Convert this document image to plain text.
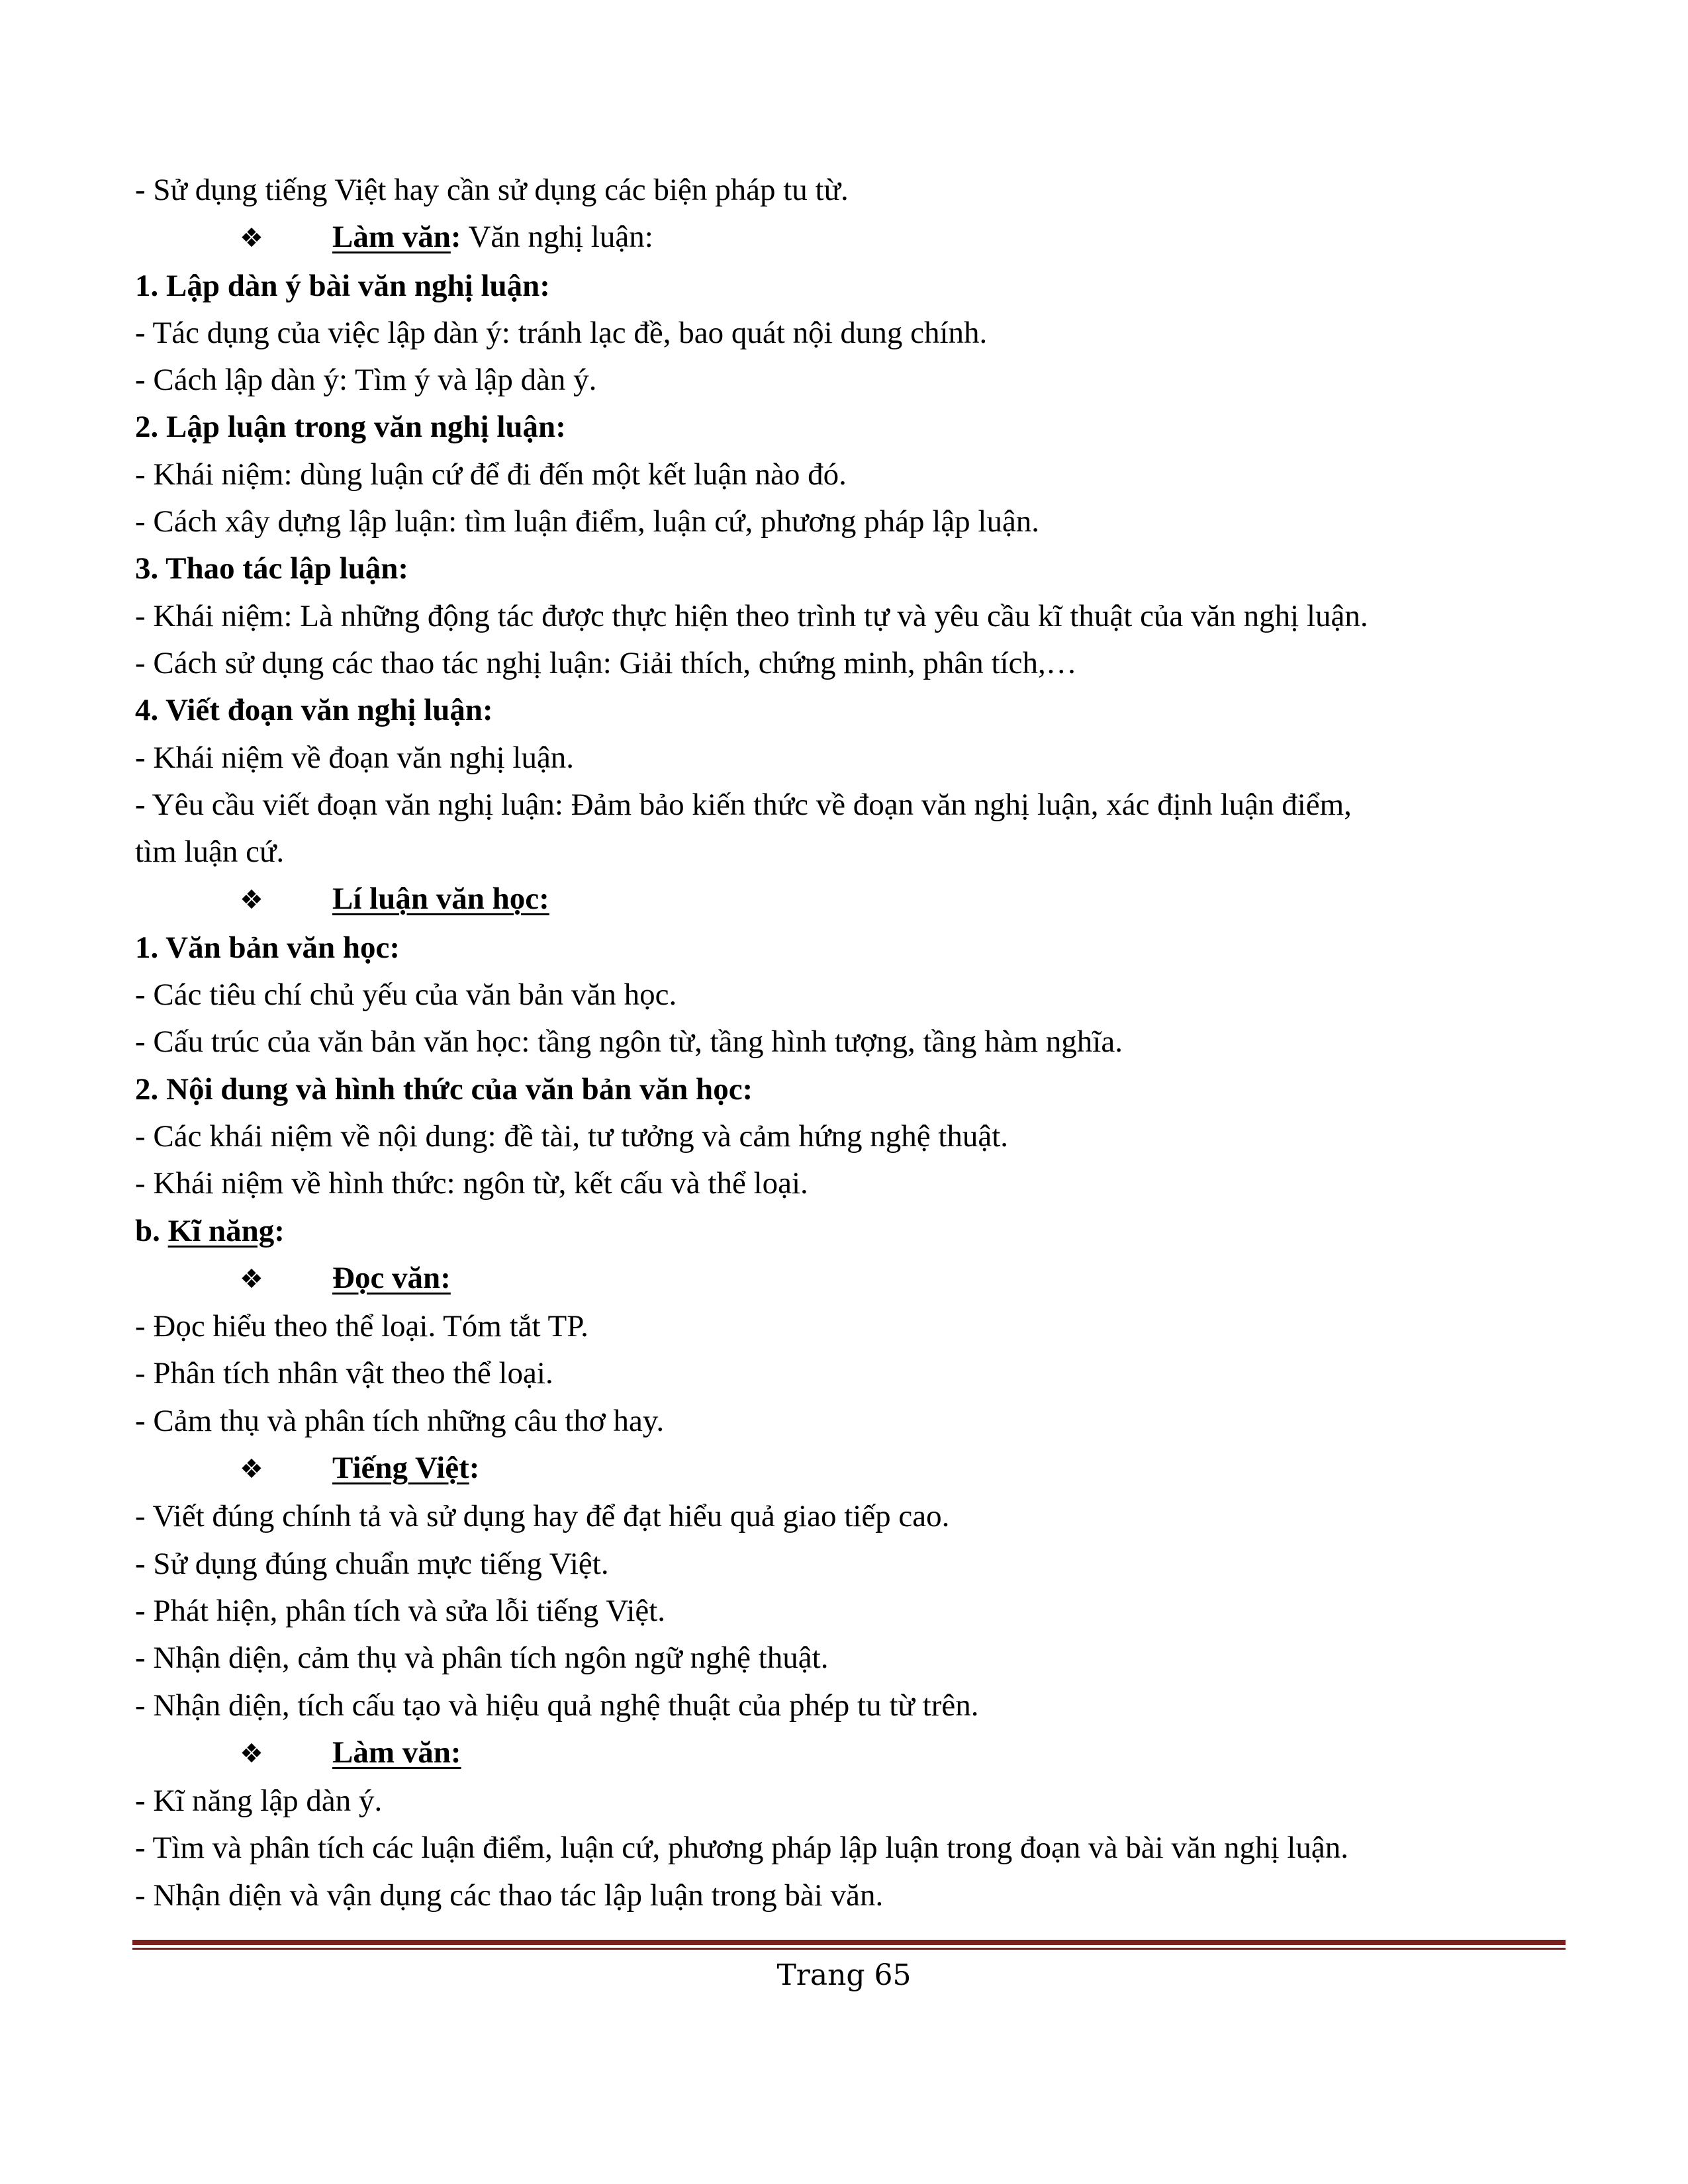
- Sử dụng tiếng Việt hay cần sử dụng các biện pháp tu từ.
❖ Làm văn: Văn nghị luận:
1. Lập dàn ý bài văn nghị luận:
- Tác dụng của việc lập dàn ý: tránh lạc đề, bao quát nội dung chính.
- Cách lập dàn ý: Tìm ý và lập dàn ý.
2. Lập luận trong văn nghị luận:
- Khái niệm: dùng luận cứ để đi đến một kết luận nào đó.
- Cách xây dựng lập luận: tìm luận điểm, luận cứ, phương pháp lập luận.
3. Thao tác lập luận:
- Khái niệm: Là những động tác được thực hiện theo trình tự và yêu cầu kĩ thuật của văn nghị luận.
- Cách sử dụng các thao tác nghị luận: Giải thích, chứng minh, phân tích,…
4. Viết đoạn văn nghị luận:
- Khái niệm về đoạn văn nghị luận.
- Yêu cầu viết đoạn văn nghị luận: Đảm bảo kiến thức về đoạn văn nghị luận, xác định luận điểm,
tìm luận cứ.
❖ Lí luận văn học:
1. Văn bản văn học:
- Các tiêu chí chủ yếu của văn bản văn học.
- Cấu trúc của văn bản văn học: tầng ngôn từ, tầng hình tượng, tầng hàm nghĩa.
2. Nội dung và hình thức của văn bản văn học:
- Các khái niệm về nội dung: đề tài, tư tưởng và cảm hứng nghệ thuật.
- Khái niệm về hình thức: ngôn từ, kết cấu và thể loại.
b. Kĩ năng:
❖ Đọc văn:
- Đọc hiểu theo thể loại. Tóm tắt TP.
- Phân tích nhân vật theo thể loại.
- Cảm thụ và phân tích những câu thơ hay.
❖ Tiếng Việt:
- Viết đúng chính tả và sử dụng hay để đạt hiểu quả giao tiếp cao.
- Sử dụng đúng chuẩn mực tiếng Việt.
- Phát hiện, phân tích và sửa lỗi tiếng Việt.
- Nhận diện, cảm thụ và phân tích ngôn ngữ nghệ thuật.
- Nhận diện, tích cấu tạo và hiệu quả nghệ thuật của phép tu từ trên.
❖ Làm văn:
- Kĩ năng lập dàn ý.
- Tìm và phân tích các luận điểm, luận cứ, phương pháp lập luận trong đoạn và bài văn nghị luận.
- Nhận diện và vận dụng các thao tác lập luận trong bài văn.
Trang 65
